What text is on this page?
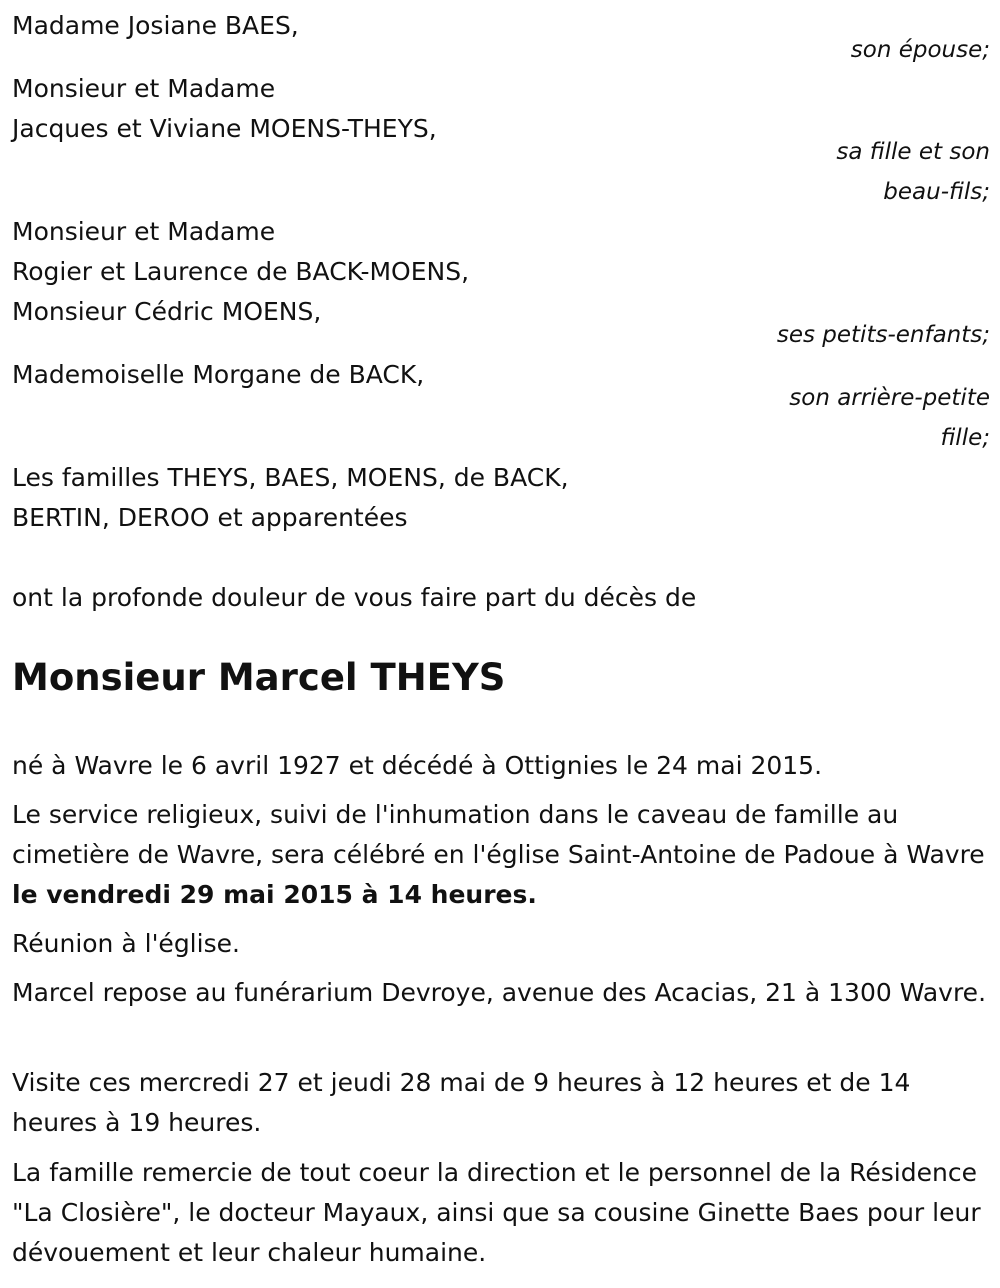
Madame Josiane BAES,
son épouse;
Monsieur et Madame
Jacques et Viviane MOENS-THEYS,
sa fille et son
beau-fils;
Monsieur et Madame
Rogier et Laurence de BACK-MOENS,
Monsieur Cédric MOENS,
ses petits-enfants;
Mademoiselle Morgane de BACK,
son arrière-petite
fille;
Les familles THEYS, BAES, MOENS, de BACK,
BERTIN, DEROO et apparentées
ont la profonde douleur de vous faire part du décès de
Monsieur Marcel THEYS
né à Wavre le 6 avril 1927 et décédé à Ottignies le 24 mai 2015.
Le service religieux, suivi de l'inhumation dans le caveau de famille au cimetière de Wavre, sera célébré en l'église Saint-Antoine de Padoue à Wavre le vendredi 29 mai 2015 à 14 heures.
Réunion à l'église.
Marcel repose au funérarium Devroye, avenue des Acacias, 21 à 1300 Wavre.
Visite ces mercredi 27 et jeudi 28 mai de 9 heures à 12 heures et de 14 heures à 19 heures.
La famille remercie de tout coeur la direction et le personnel de la Résidence "La Closière", le docteur Mayaux, ainsi que sa cousine Ginette Baes pour leur dévouement et leur chaleur humaine.
